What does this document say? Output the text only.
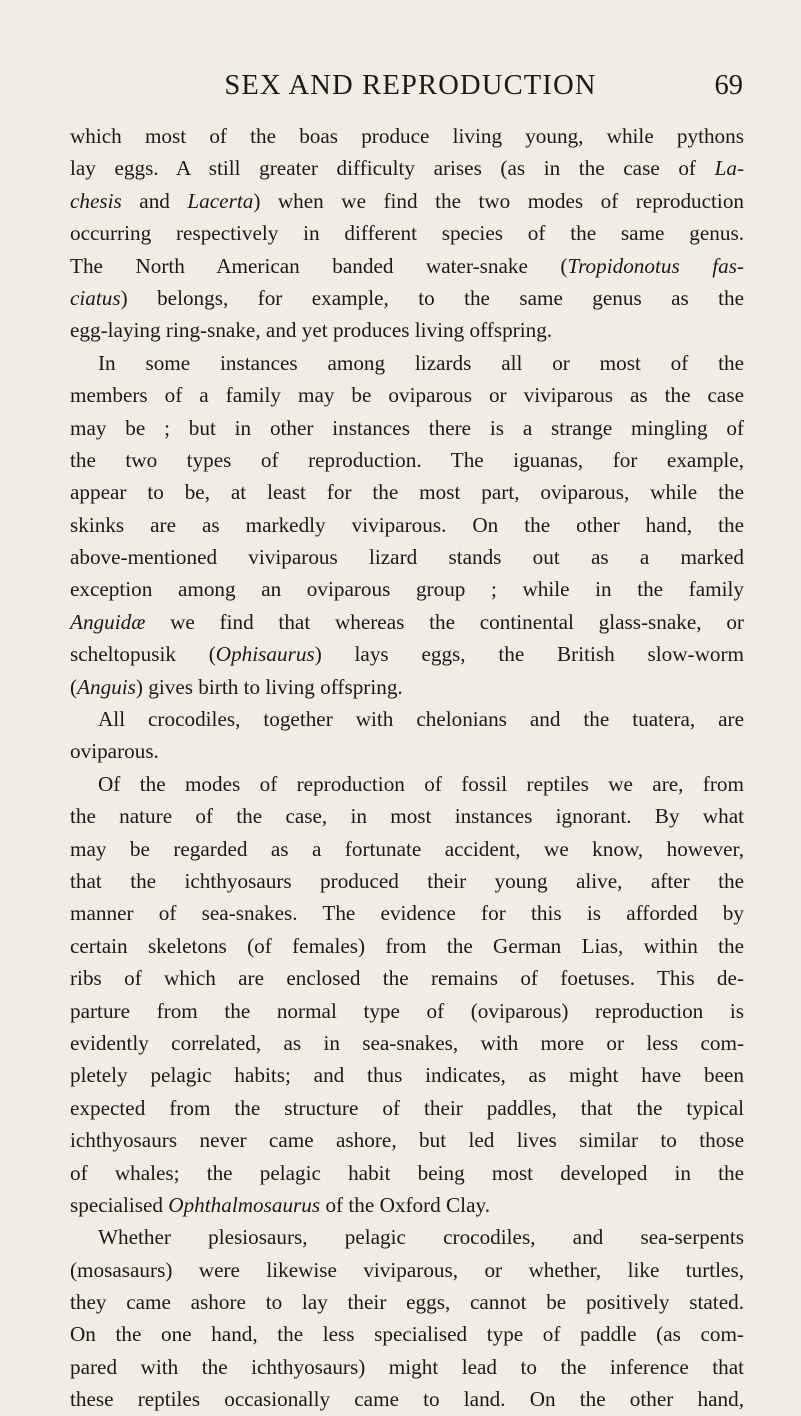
SEX AND REPRODUCTION	69
which most of the boas produce living young, while pythons
lay eggs. A still greater difficulty arises (as in the case of La-
chesis and Lacerta) when we find the two modes of reproduction
occurring respectively in different species of the same genus.
The North American banded water-snake (Tropidonotus fas-
ciatus) belongs, for example, to the same genus as the
egg-laying ring-snake, and yet produces living offspring.
In some instances among lizards all or most of the
members of a family may be oviparous or viviparous as the case
may be ; but in other instances there is a strange mingling of
the two types of reproduction. The iguanas, for example,
appear to be, at least for the most part, oviparous, while the
skinks are as markedly viviparous. On the other hand, the
above-mentioned viviparous lizard stands out as a marked
exception among an oviparous group ; while in the family
Anguidæ we find that whereas the continental glass-snake, or
scheltopusik (Ophisaurus) lays eggs, the British slow-worm
(Anguis) gives birth to living offspring.
All crocodiles, together with chelonians and the tuatera, are
oviparous.
Of the modes of reproduction of fossil reptiles we are, from
the nature of the case, in most instances ignorant. By what
may be regarded as a fortunate accident, we know, however,
that the ichthyosaurs produced their young alive, after the
manner of sea-snakes. The evidence for this is afforded by
certain skeletons (of females) from the German Lias, within the
ribs of which are enclosed the remains of foetuses. This de-
parture from the normal type of (oviparous) reproduction is
evidently correlated, as in sea-snakes, with more or less com-
pletely pelagic habits; and thus indicates, as might have been
expected from the structure of their paddles, that the typical
ichthyosaurs never came ashore, but led lives similar to those
of whales; the pelagic habit being most developed in the
specialised Ophthalmosaurus of the Oxford Clay.
Whether plesiosaurs, pelagic crocodiles, and sea-serpents
(mosasaurs) were likewise viviparous, or whether, like turtles,
they came ashore to lay their eggs, cannot be positively stated.
On the one hand, the less specialised type of paddle (as com-
pared with the ichthyosaurs) might lead to the inference that
these reptiles occasionally came to land. On the other hand,
